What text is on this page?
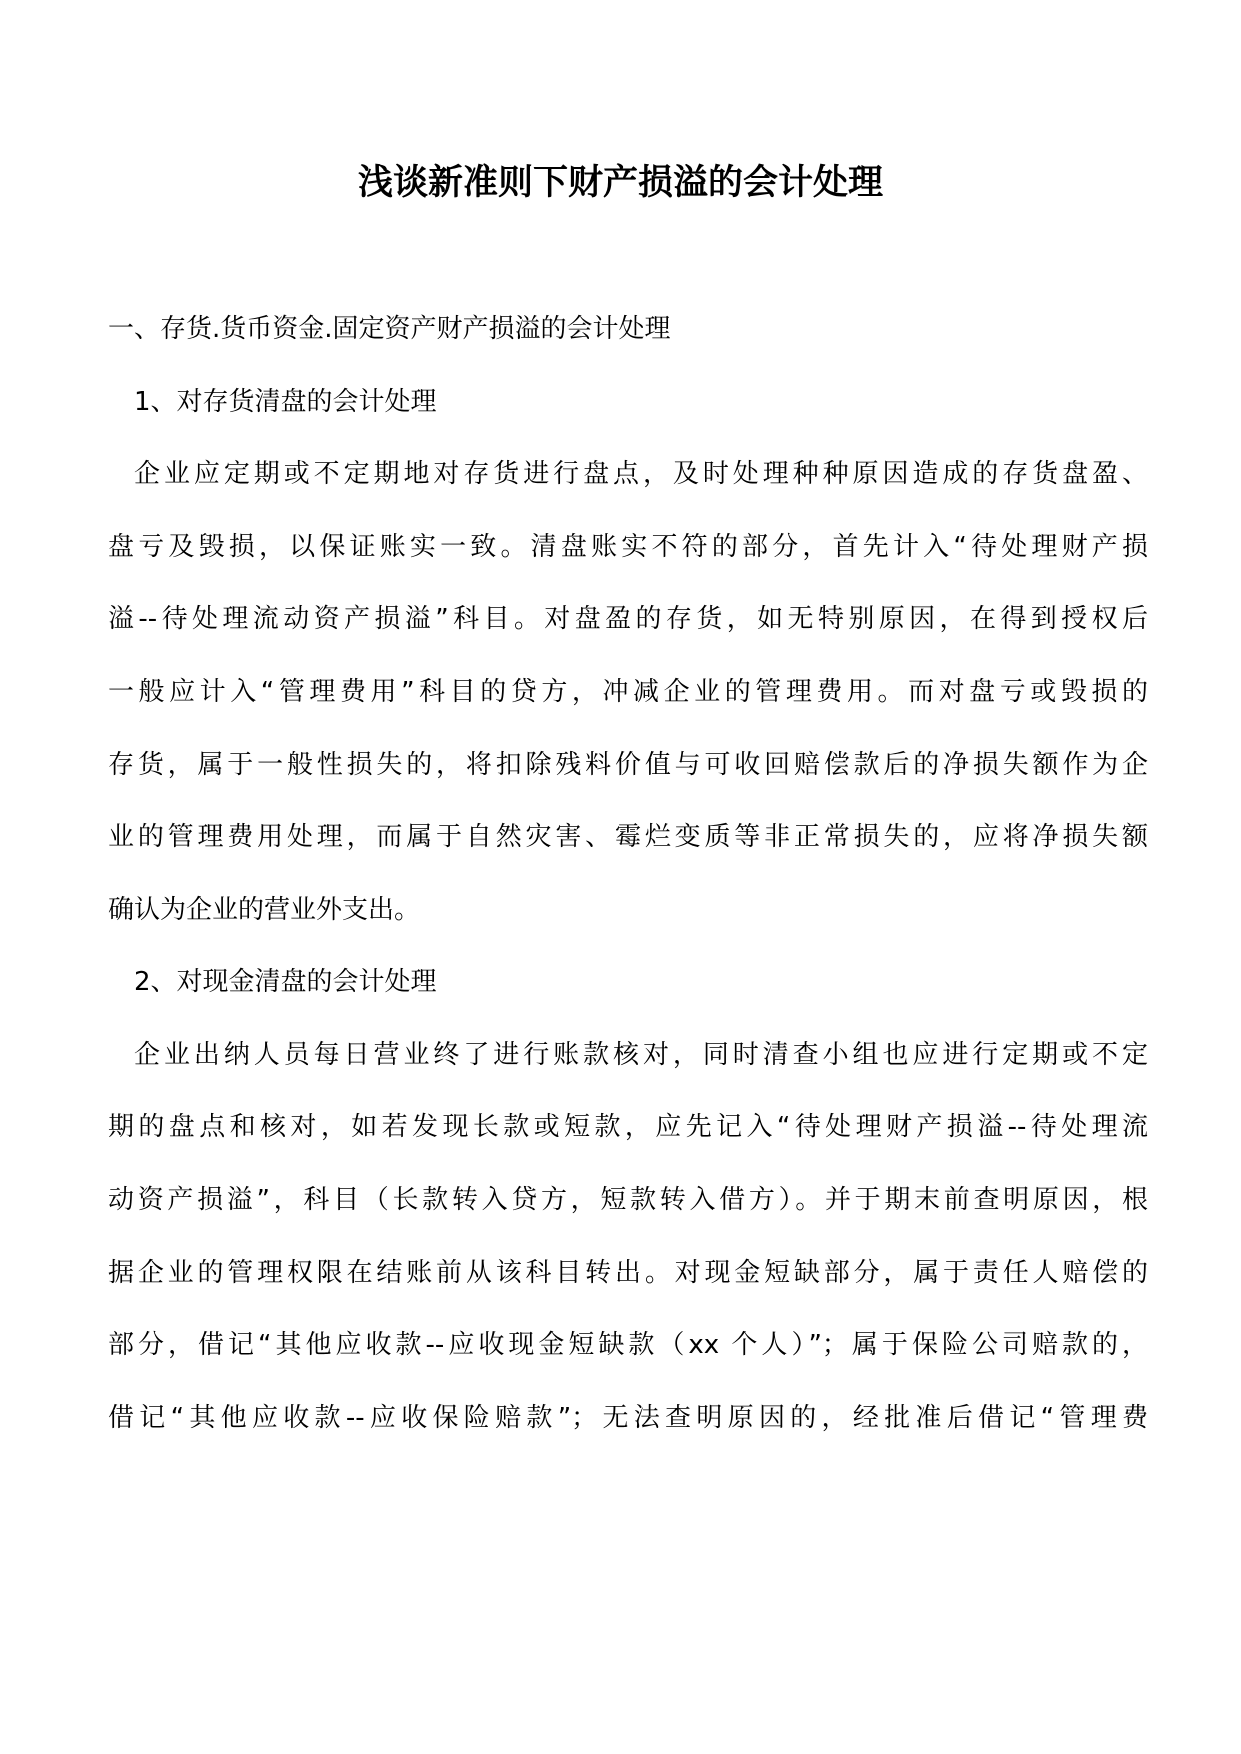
浅谈新准则下财产损溢的会计处理

一、存货.货币资金.固定资产财产损溢的会计处理

1、对存货清盘的会计处理

企业应定期或不定期地对存货进行盘点，及时处理种种原因造成的存货盘盈、

盘亏及毁损，以保证账实一致。清盘账实不符的部分，首先计入“待处理财产损

溢--待处理流动资产损溢”科目。对盘盈的存货，如无特别原因，在得到授权后

一般应计入“管理费用”科目的贷方，冲减企业的管理费用。而对盘亏或毁损的

存货，属于一般性损失的，将扣除残料价值与可收回赔偿款后的净损失额作为企

业的管理费用处理，而属于自然灾害、霉烂变质等非正常损失的，应将净损失额

确认为企业的营业外支出。

2、对现金清盘的会计处理

企业出纳人员每日营业终了进行账款核对，同时清查小组也应进行定期或不定

期的盘点和核对，如若发现长款或短款，应先记入“待处理财产损溢--待处理流

动资产损溢”，科目（长款转入贷方，短款转入借方）。并于期末前查明原因，根

据企业的管理权限在结账前从该科目转出。对现金短缺部分，属于责任人赔偿的

部分，借记“其他应收款--应收现金短缺款（xx 个人）”；属于保险公司赔款的，

借记“其他应收款--应收保险赔款”；无法查明原因的，经批准后借记“管理费
